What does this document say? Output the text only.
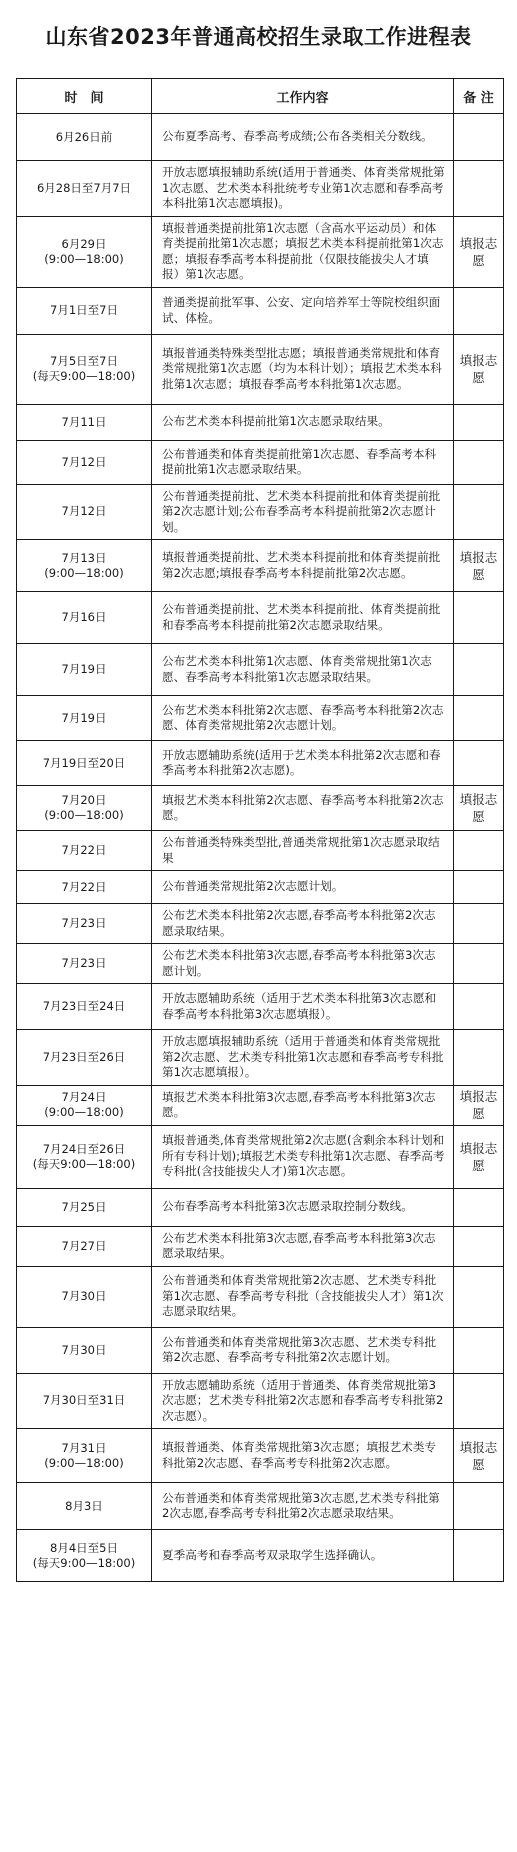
山东省2023年普通高校招生录取工作进程表
时　间	工作内容	备 注

6月26日前	公布夏季高考、春季高考成绩;公布各类相关分数线。	

6月28日至7月7日	开放志愿填报辅助系统(适用于普通类、体育类常规批第1次志愿、艺术类本科批统考专业第1次志愿和春季高考本科批第1次志愿填报)。	

6月29日
(9:00—18:00)	填报普通类提前批第1次志愿（含高水平运动员）和体育类提前批第1次志愿；填报艺术类本科提前批第1次志愿；填报春季高考本科提前批（仅限技能拔尖人才填报）第1次志愿。	填报志愿

7月1日至7日	普通类提前批军事、公安、定向培养军士等院校组织面试、体检。	

7月5日至7日
(每天9:00—18:00)	填报普通类特殊类型批志愿；填报普通类常规批和体育类常规批第1次志愿（均为本科计划）；填报艺术类本科批第1次志愿；填报春季高考本科批第1次志愿。	填报志愿

7月11日	公布艺术类本科提前批第1次志愿录取结果。	

7月12日	公布普通类和体育类提前批第1次志愿、春季高考本科提前批第1次志愿录取结果。	

7月12日	公布普通类提前批、艺术类本科提前批和体育类提前批第2次志愿计划;公布春季高考本科提前批第2次志愿计划。	

7月13日
(9:00—18:00)	填报普通类提前批、艺术类本科提前批和体育类提前批第2次志愿;填报春季高考本科提前批第2次志愿。	填报志愿

7月16日	公布普通类提前批、艺术类本科提前批、体育类提前批和春季高考本科提前批第2次志愿录取结果。	

7月19日	公布艺术类本科批第1次志愿、体育类常规批第1次志愿、春季高考本科批第1次志愿录取结果。	

7月19日	公布艺术类本科批第2次志愿、春季高考本科批第2次志愿、体育类常规批第2次志愿计划。	

7月19日至20日	开放志愿辅助系统(适用于艺术类本科批第2次志愿和春季高考本科批第2次志愿)。	

7月20日
(9:00—18:00)	填报艺术类本科批第2次志愿、春季高考本科批第2次志愿。	填报志愿

7月22日	公布普通类特殊类型批,普通类常规批第1次志愿录取结果	

7月22日	公布普通类常规批第2次志愿计划。	

7月23日	公布艺术类本科批第2次志愿,春季高考本科批第2次志愿录取结果。	

7月23日	公布艺术类本科批第3次志愿,春季高考本科批第3次志愿计划。	

7月23日至24日	开放志愿辅助系统（适用于艺术类本科批第3次志愿和春季高考本科批第3次志愿填报）。	

7月23日至26日	开放志愿填报辅助系统（适用于普通类和体育类常规批第2次志愿、艺术类专科批第1次志愿和春季高考专科批第1次志愿填报）。	

7月24日
(9:00—18:00)	填报艺术类本科批第3次志愿,春季高考本科批第3次志愿。	填报志愿

7月24日至26日
(每天9:00—18:00)	填报普通类,体育类常规批第2次志愿(含剩余本科计划和所有专科计划);填报艺术类专科批第1次志愿、春季高考专科批(含技能拔尖人才)第1次志愿。	填报志愿

7月25日	公布春季高考本科批第3次志愿录取控制分数线。	

7月27日	公布艺术类本科批第3次志愿,春季高考本科批第3次志愿录取结果。	

7月30日	公布普通类和体育类常规批第2次志愿、艺术类专科批第1次志愿、春季高考专科批（含技能拔尖人才）第1次志愿录取结果。	

7月30日	公布普通类和体育类常规批第3次志愿、艺术类专科批第2次志愿、春季高考专科批第2次志愿计划。	

7月30日至31日	开放志愿辅助系统（适用于普通类、体育类常规批第3次志愿；艺术类专科批第2次志愿和春季高考专科批第2次志愿）。	

7月31日
(9:00—18:00)	填报普通类、体育类常规批第3次志愿；填报艺术类专科批第2次志愿、春季高考专科批第2次志愿。	填报志愿

8月3日	公布普通类和体育类常规批第3次志愿,艺术类专科批第2次志愿,春季高考专科批第2次志愿录取结果。	

8月4日至5日
(每天9:00—18:00)	夏季高考和春季高考双录取学生选择确认。	
